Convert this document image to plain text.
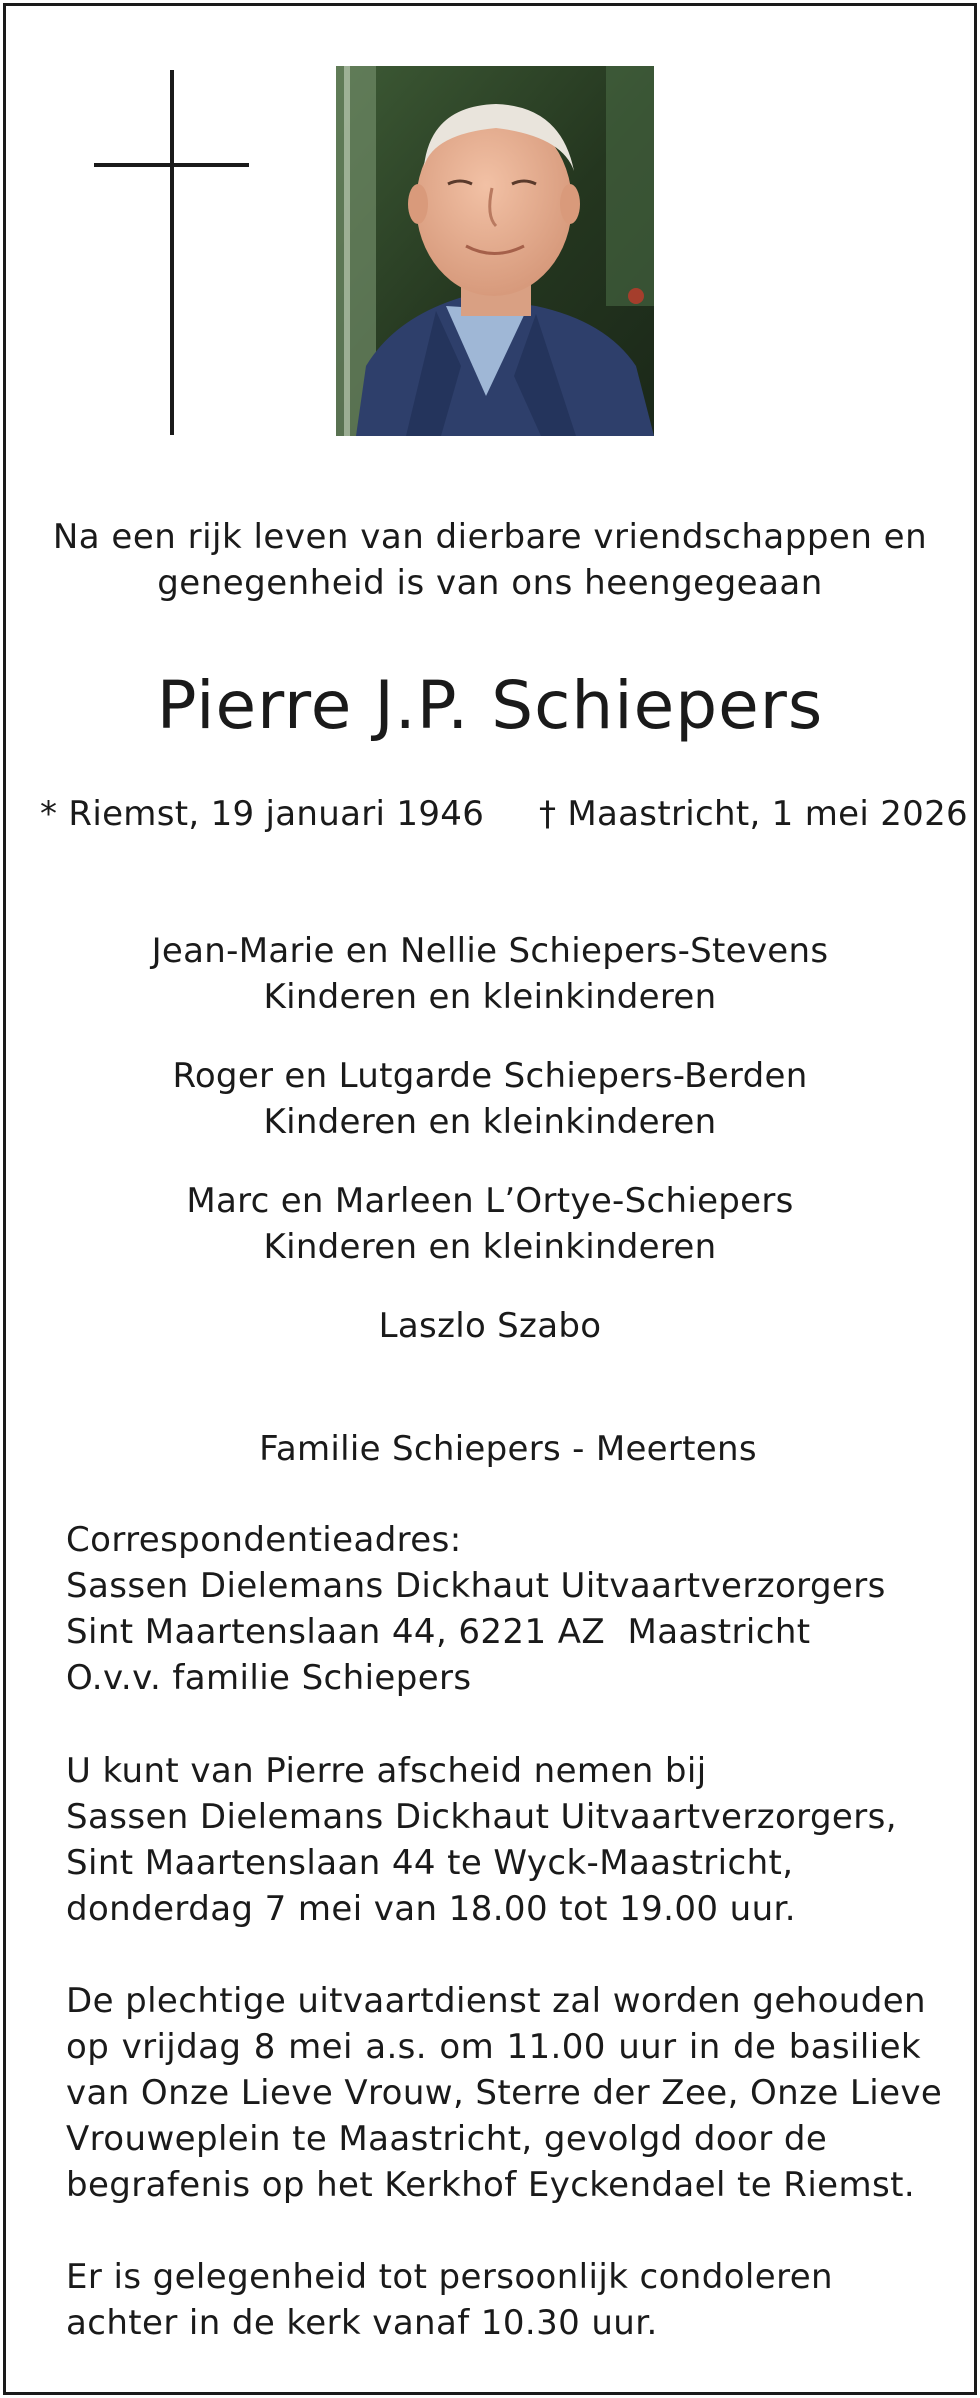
Na een rijk leven van dierbare vriendschappen en
genegenheid is van ons heengegeaan
Pierre J.P. Schiepers
* Riemst, 19 januari 1946 † Maastricht, 1 mei 2026
Jean-Marie en Nellie Schiepers-Stevens
Kinderen en kleinkinderen
Roger en Lutgarde Schiepers-Berden
Kinderen en kleinkinderen
Marc en Marleen L’Ortye-Schiepers
Kinderen en kleinkinderen
Laszlo Szabo
Familie Schiepers - Meertens
Correspondentieadres:
Sassen Dielemans Dickhaut Uitvaartverzorgers
Sint Maartenslaan 44, 6221 AZ  Maastricht
O.v.v. familie Schiepers
U kunt van Pierre afscheid nemen bij
Sassen Dielemans Dickhaut Uitvaartverzorgers,
Sint Maartenslaan 44 te Wyck-Maastricht,
donderdag 7 mei van 18.00 tot 19.00 uur.
De plechtige uitvaartdienst zal worden gehouden
op vrijdag 8 mei a.s. om 11.00 uur in de basiliek
van Onze Lieve Vrouw, Sterre der Zee, Onze Lieve
Vrouweplein te Maastricht, gevolgd door de
begrafenis op het Kerkhof Eyckendael te Riemst.
Er is gelegenheid tot persoonlijk condoleren
achter in de kerk vanaf 10.30 uur.
